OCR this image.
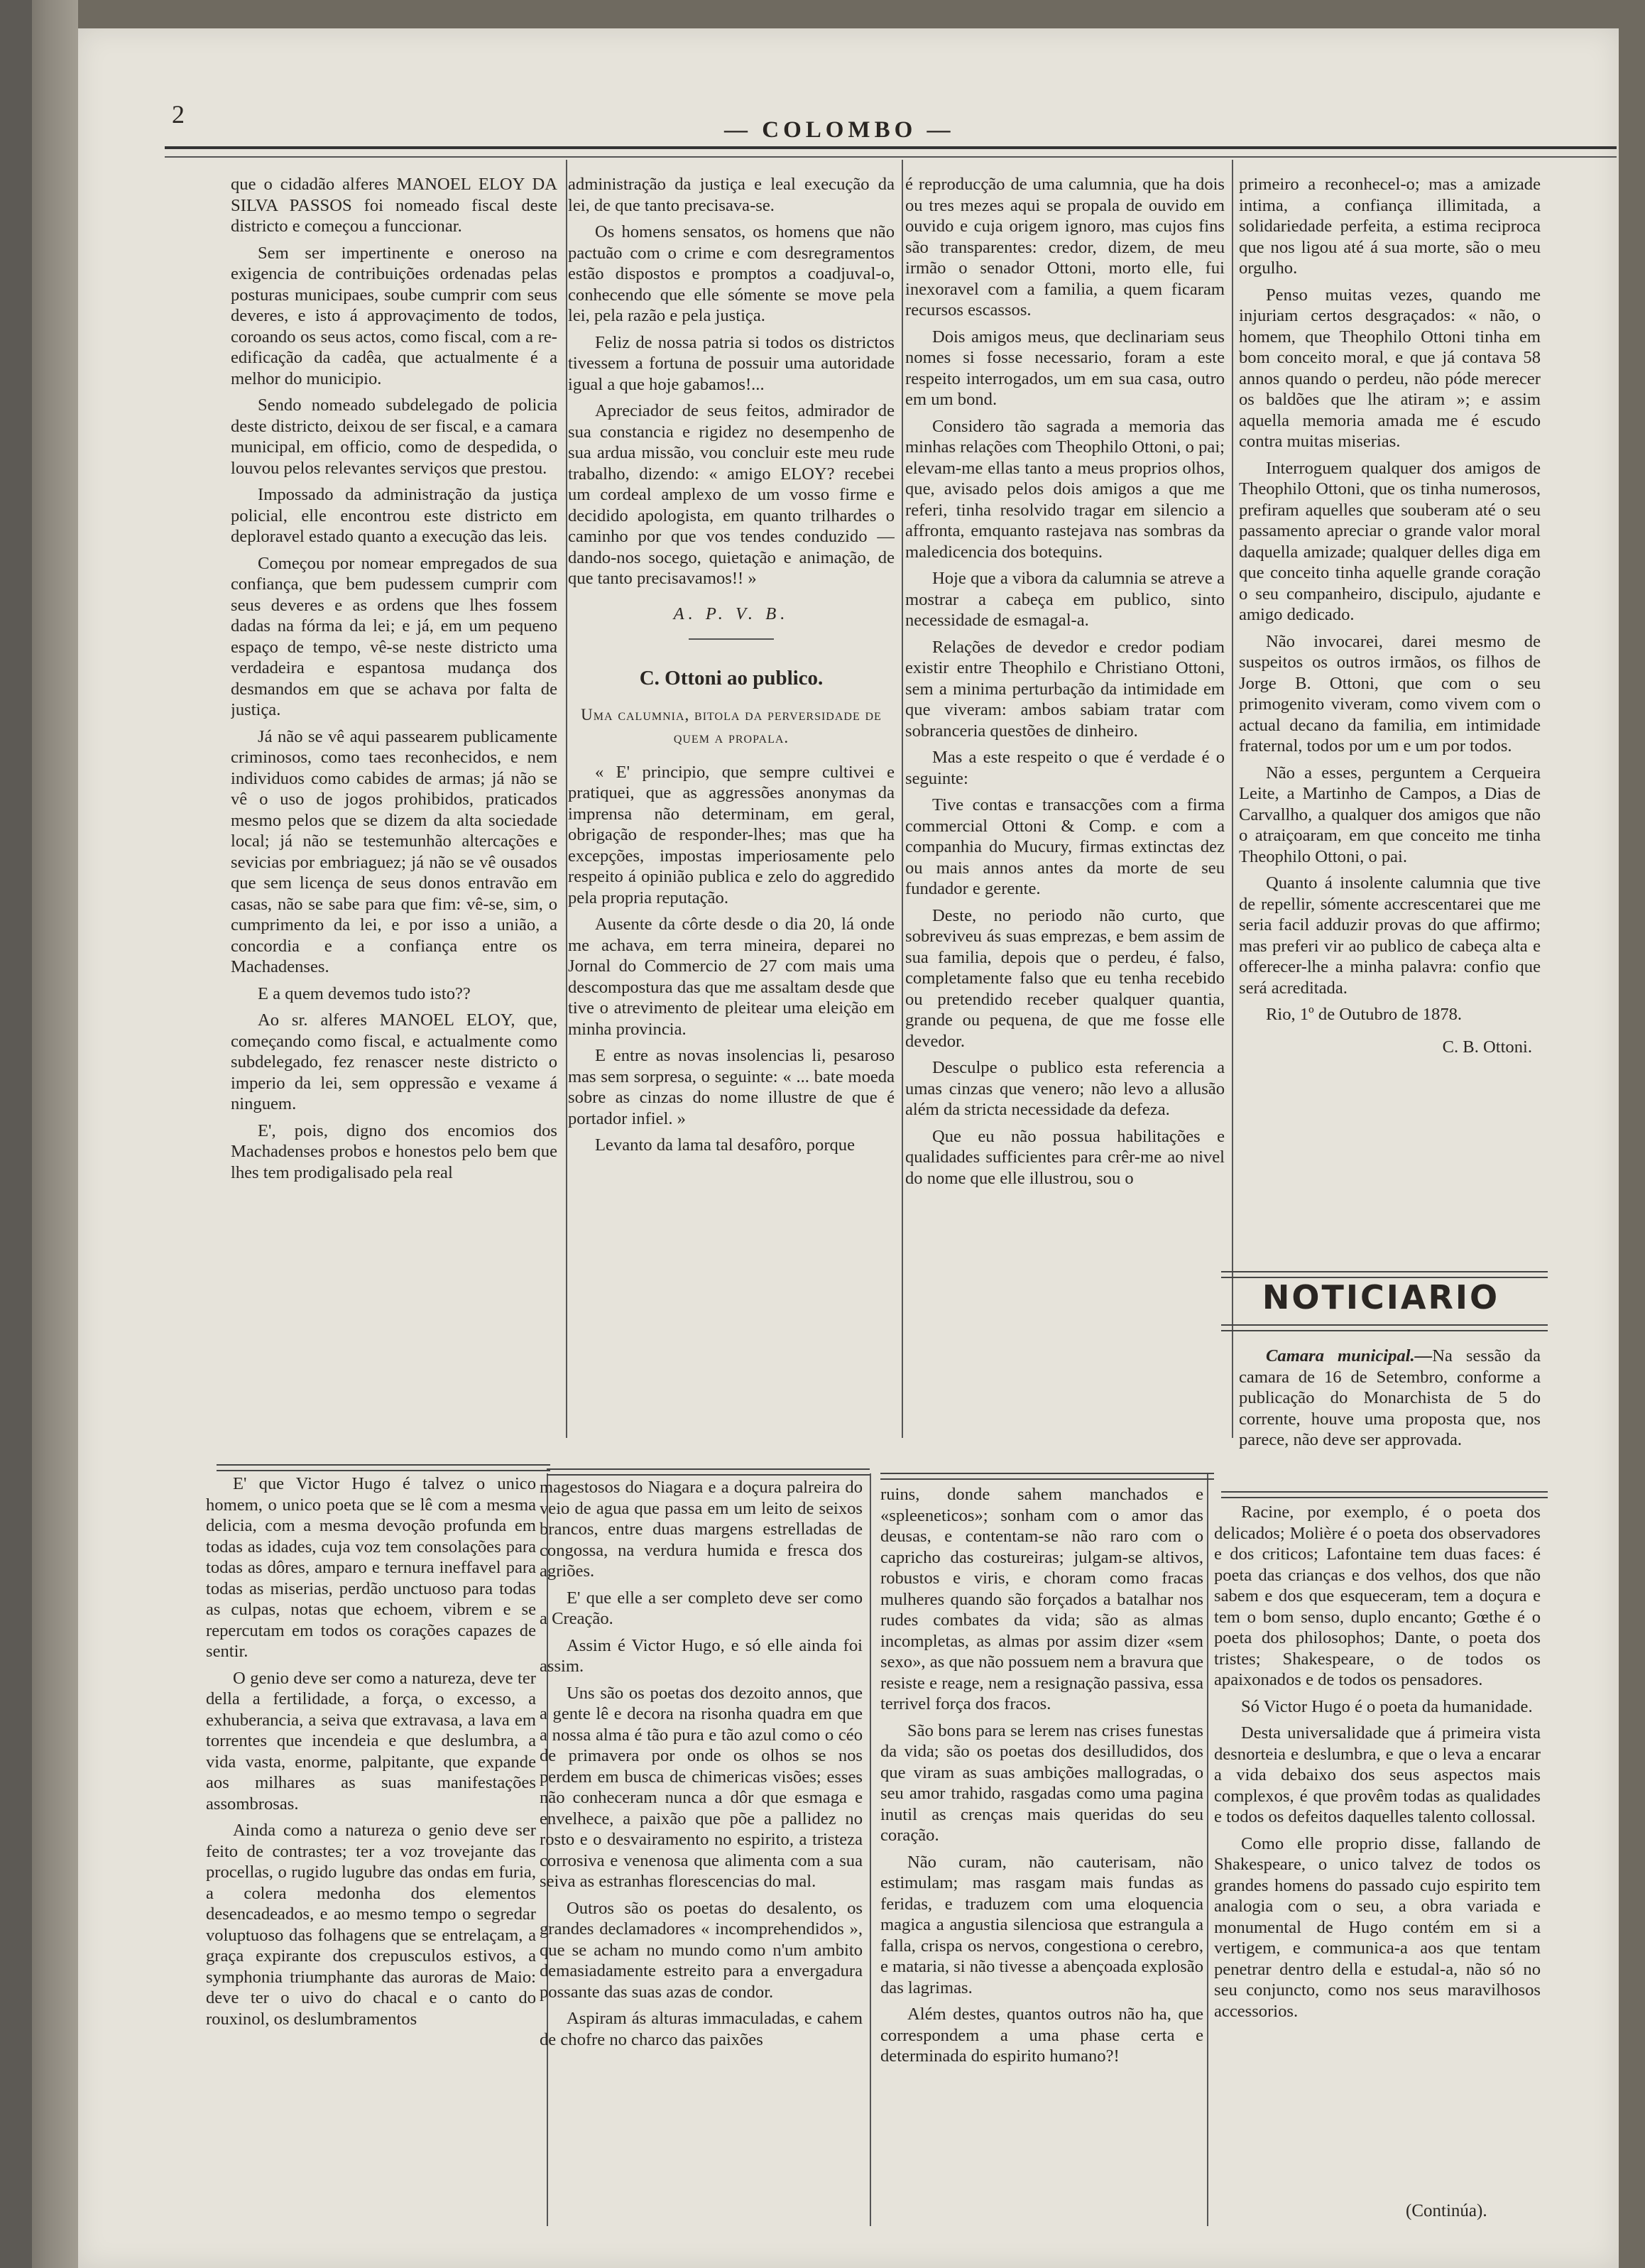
2
— COLOMBO —

que o cidadão alferes MANOEL ELOY DA SILVA PASSOS foi nomeado fiscal deste districto e começou a funccionar.

Sem ser impertinente e oneroso na exigencia de contribuições ordenadas pelas posturas municipaes, soube cumprir com seus deveres, e isto á approvaçimento de todos, coroando os seus actos, como fiscal, com a re-edificação da cadêa, que actualmente é a melhor do municipio.

Sendo nomeado subdelegado de policia deste districto, deixou de ser fiscal, e a camara municipal, em officio, como de despedida, o louvou pelos relevantes serviços que prestou.

Impossado da administração da justiça policial, elle encontrou este districto em deploravel estado quanto a execução das leis.

Começou por nomear empregados de sua confiança, que bem pudessem cumprir com seus deveres e as ordens que lhes fossem dadas na fórma da lei; e já, em um pequeno espaço de tempo, vê-se neste districto uma verdadeira e espantosa mudança dos desmandos em que se achava por falta de justiça.

Já não se vê aqui passearem publicamente criminosos, como taes reconhecidos, e nem individuos como cabides de armas; já não se vê o uso de jogos prohibidos, praticados mesmo pelos que se dizem da alta sociedade local; já não se testemunhão altercações e sevicias por embriaguez; já não se vê ousados que sem licença de seus donos entravão em casas, não se sabe para que fim: vê-se, sim, o cumprimento da lei, e por isso a união, a concordia e a confiança entre os Machadenses.

E a quem devemos tudo isto??

Ao sr. alferes MANOEL ELOY, que, começando como fiscal, e actualmente como subdelegado, fez renascer neste districto o imperio da lei, sem oppressão e vexame á ninguem.

E', pois, digno dos encomios dos Machadenses probos e honestos pelo bem que lhes tem prodigalisado pela real

administração da justiça e leal execução da lei, de que tanto precisava-se.

Os homens sensatos, os homens que não pactuão com o crime e com desregramentos estão dispostos e promptos a coadjuval-o, conhecendo que elle sómente se move pela lei, pela razão e pela justiça.

Feliz de nossa patria si todos os districtos tivessem a fortuna de possuir uma autoridade igual a que hoje gabamos!...

Apreciador de seus feitos, admirador de sua constancia e rigidez no desempenho de sua ardua missão, vou concluir este meu rude trabalho, dizendo: « amigo ELOY? recebei um cordeal amplexo de um vosso firme e decidido apologista, em quanto trilhardes o caminho por que vos tendes conduzido — dando-nos socego, quietação e animação, de que tanto precisavamos!! »

A. P. V. B.
C. Ottoni ao publico.
Uma calumnia, bitola da perversidade de quem a propala.

« E' principio, que sempre cultivei e pratiquei, que as aggressões anonymas da imprensa não determinam, em geral, obrigação de responder-lhes; mas que ha excepções, impostas imperiosamente pelo respeito á opinião publica e zelo do aggredido pela propria reputação.

Ausente da côrte desde o dia 20, lá onde me achava, em terra mineira, deparei no Jornal do Commercio de 27 com mais uma descompostura das que me assaltam desde que tive o atrevimento de pleitear uma eleição em minha provincia.

E entre as novas insolencias li, pesaroso mas sem sorpresa, o seguinte: « ... bate moeda sobre as cinzas do nome illustre de que é portador infiel. »

Levanto da lama tal desafôro, porque

é reproducção de uma calumnia, que ha dois ou tres mezes aqui se propala de ouvido em ouvido e cuja origem ignoro, mas cujos fins são transparentes: credor, dizem, de meu irmão o senador Ottoni, morto elle, fui inexoravel com a familia, a quem ficaram recursos escassos.

Dois amigos meus, que declinariam seus nomes si fosse necessario, foram a este respeito interrogados, um em sua casa, outro em um bond.

Considero tão sagrada a memoria das minhas relações com Theophilo Ottoni, o pai; elevam-me ellas tanto a meus proprios olhos, que, avisado pelos dois amigos a que me referi, tinha resolvido tragar em silencio a affronta, emquanto rastejava nas sombras da maledicencia dos botequins.

Hoje que a vibora da calumnia se atreve a mostrar a cabeça em publico, sinto necessidade de esmagal-a.

Relações de devedor e credor podiam existir entre Theophilo e Christiano Ottoni, sem a minima perturbação da intimidade em que viveram: ambos sabiam tratar com sobranceria questões de dinheiro.

Mas a este respeito o que é verdade é o seguinte:

Tive contas e transacções com a firma commercial Ottoni & Comp. e com a companhia do Mucury, firmas extinctas dez ou mais annos antes da morte de seu fundador e gerente.

Deste, no periodo não curto, que sobreviveu ás suas emprezas, e bem assim de sua familia, depois que o perdeu, é falso, completamente falso que eu tenha recebido ou pretendido receber qualquer quantia, grande ou pequena, de que me fosse elle devedor.

Desculpe o publico esta referencia a umas cinzas que venero; não levo a allusão além da stricta necessidade da defeza.

Que eu não possua habilitações e qualidades sufficientes para crêr-me ao nivel do nome que elle illustrou, sou o

primeiro a reconhecel-o; mas a amizade intima, a confiança illimitada, a solidariedade perfeita, a estima reciproca que nos ligou até á sua morte, são o meu orgulho.

Penso muitas vezes, quando me injuriam certos desgraçados: « não, o homem, que Theophilo Ottoni tinha em bom conceito moral, e que já contava 58 annos quando o perdeu, não póde merecer os baldões que lhe atiram »; e assim aquella memoria amada me é escudo contra muitas miserias.

Interroguem qualquer dos amigos de Theophilo Ottoni, que os tinha numerosos, prefiram aquelles que souberam até o seu passamento apreciar o grande valor moral daquella amizade; qualquer delles diga em que conceito tinha aquelle grande coração o seu companheiro, discipulo, ajudante e amigo dedicado.

Não invocarei, darei mesmo de suspeitos os outros irmãos, os filhos de Jorge B. Ottoni, que com o seu primogenito viveram, como vivem com o actual decano da familia, em intimidade fraternal, todos por um e um por todos.

Não a esses, perguntem a Cerqueira Leite, a Martinho de Campos, a Dias de Carvallho, a qualquer dos amigos que não o atraiçoaram, em que conceito me tinha Theophilo Ottoni, o pai.

Quanto á insolente calumnia que tive de repellir, sómente accrescentarei que me seria facil adduzir provas do que affirmo; mas preferi vir ao publico de cabeça alta e offerecer-lhe a minha palavra: confio que será acreditada.

Rio, 1º de Outubro de 1878.

C. B. Ottoni.
NOTICIARIO

Camara municipal.—Na sessão da camara de 16 de Setembro, conforme a publicação do Monarchista de 5 do corrente, houve uma proposta que, nos parece, não deve ser approvada.

E' que Victor Hugo é talvez o unico homem, o unico poeta que se lê com a mesma delicia, com a mesma devoção profunda em todas as idades, cuja voz tem consolações para todas as dôres, amparo e ternura ineffavel para todas as miserias, perdão unctuoso para todas as culpas, notas que echoem, vibrem e se repercutam em todos os corações capazes de sentir.

O genio deve ser como a natureza, deve ter della a fertilidade, a força, o excesso, a exhuberancia, a seiva que extravasa, a lava em torrentes que incendeia e que deslumbra, a vida vasta, enorme, palpitante, que expande aos milhares as suas manifestações assombrosas.

Ainda como a natureza o genio deve ser feito de contrastes; ter a voz trovejante das procellas, o rugido lugubre das ondas em furia, a colera medonha dos elementos desencadeados, e ao mesmo tempo o segredar voluptuoso das folhagens que se entrelaçam, a graça expirante dos crepusculos estivos, a symphonia triumphante das auroras de Maio: deve ter o uivo do chacal e o canto do rouxinol, os deslumbramentos

magestosos do Niagara e a doçura palreira do veio de agua que passa em um leito de seixos brancos, entre duas margens estrelladas de congossa, na verdura humida e fresca dos agriões.

E' que elle a ser completo deve ser como a Creação.

Assim é Victor Hugo, e só elle ainda foi assim.

Uns são os poetas dos dezoito annos, que a gente lê e decora na risonha quadra em que a nossa alma é tão pura e tão azul como o céo de primavera por onde os olhos se nos perdem em busca de chimericas visões; esses não conheceram nunca a dôr que esmaga e envelhece, a paixão que põe a pallidez no rosto e o desvairamento no espirito, a tristeza corrosiva e venenosa que alimenta com a sua seiva as estranhas florescencias do mal.

Outros são os poetas do desalento, os grandes declamadores « incomprehendidos », que se acham no mundo como n'um ambito demasiadamente estreito para a envergadura possante das suas azas de condor.

Aspiram ás alturas immaculadas, e cahem de chofre no charco das paixões

ruins, donde sahem manchados e «spleeneticos»; sonham com o amor das deusas, e contentam-se não raro com o capricho das costureiras; julgam-se altivos, robustos e viris, e choram como fracas mulheres quando são forçados a batalhar nos rudes combates da vida; são as almas incompletas, as almas por assim dizer «sem sexo», as que não possuem nem a bravura que resiste e reage, nem a resignação passiva, essa terrivel força dos fracos.

São bons para se lerem nas crises funestas da vida; são os poetas dos desilludidos, dos que viram as suas ambições mallogradas, o seu amor trahido, rasgadas como uma pagina inutil as crenças mais queridas do seu coração.

Não curam, não cauterisam, não estimulam; mas rasgam mais fundas as feridas, e traduzem com uma eloquencia magica a angustia silenciosa que estrangula a falla, crispa os nervos, congestiona o cerebro, e mataria, si não tivesse a abençoada explosão das lagrimas.

Além destes, quantos outros não ha, que correspondem a uma phase certa e determinada do espirito humano?!

Racine, por exemplo, é o poeta dos delicados; Molière é o poeta dos observadores e dos criticos; Lafontaine tem duas faces: é poeta das crianças e dos velhos, dos que não sabem e dos que esqueceram, tem a doçura e tem o bom senso, duplo encanto; Gœthe é o poeta dos philosophos; Dante, o poeta dos tristes; Shakespeare, o de todos os apaixonados e de todos os pensadores.

Só Victor Hugo é o poeta da humanidade.

Desta universalidade que á primeira vista desnorteia e deslumbra, e que o leva a encarar a vida debaixo dos seus aspectos mais complexos, é que provêm todas as qualidades e todos os defeitos daquelles talento collossal.

Como elle proprio disse, fallando de Shakespeare, o unico talvez de todos os grandes homens do passado cujo espirito tem analogia com o seu, a obra variada e monumental de Hugo contém em si a vertigem, e communica-a aos que tentam penetrar dentro della e estudal-a, não só no seu conjuncto, como nos seus maravilhosos accessorios.

(Continúa).
